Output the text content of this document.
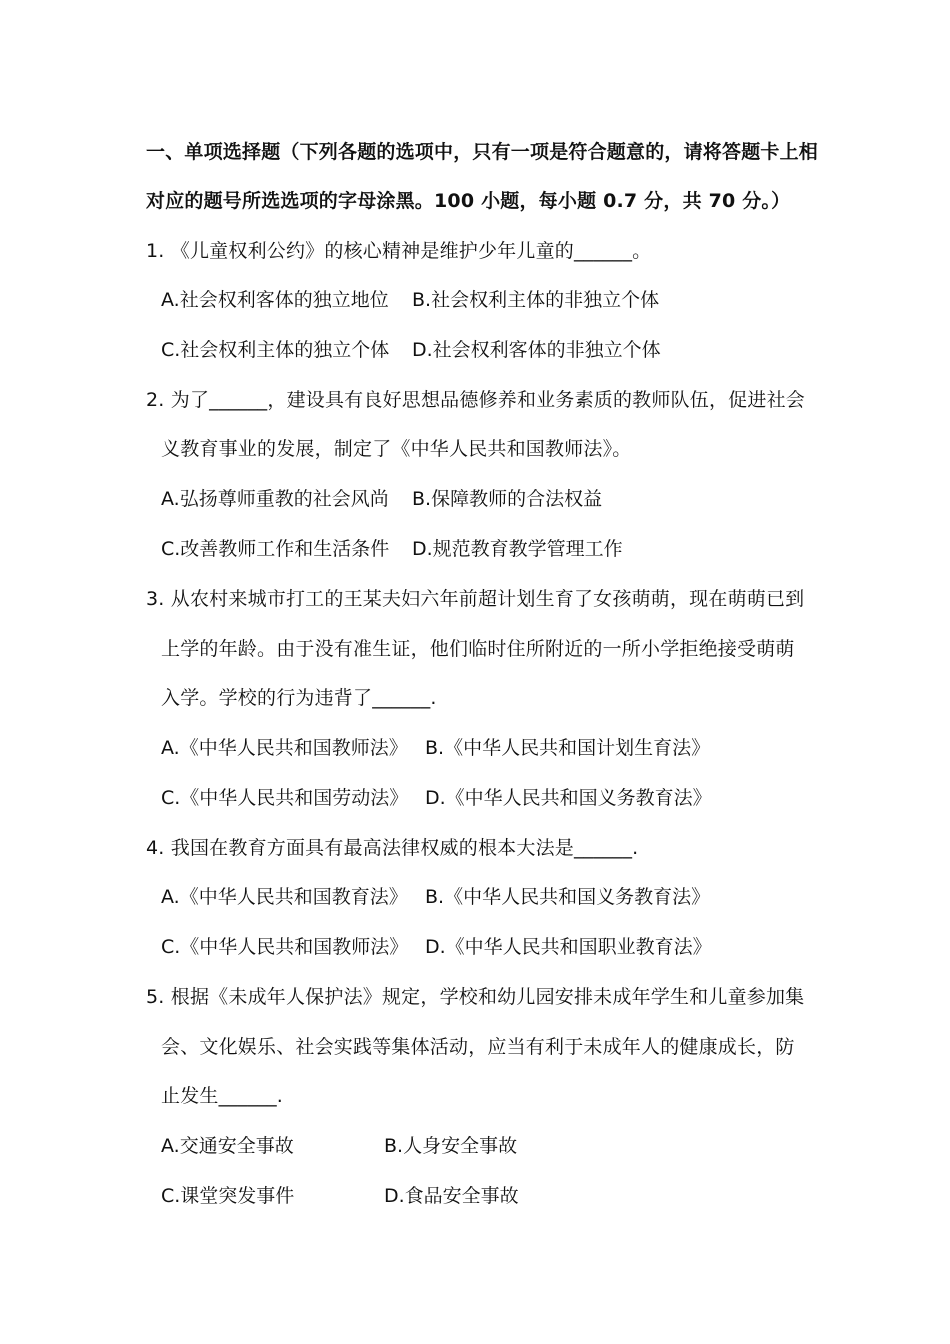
一、单项选择题（下列各题的选项中，只有一项是符合题意的，请将答题卡上相
对应的题号所选选项的字母涂黑。100 小题，每小题 0.7 分，共 70 分。）
1. 《儿童权利公约》的核心精神是维护少年儿童的______。
A.社会权利客体的独立地位 B.社会权利主体的非独立个体
C.社会权利主体的独立个体 D.社会权利客体的非独立个体
2. 为了______，建设具有良好思想品德修养和业务素质的教师队伍，促进社会
义教育事业的发展，制定了《中华人民共和国教师法》。
A.弘扬尊师重教的社会风尚 B.保障教师的合法权益
C.改善教师工作和生活条件 D.规范教育教学管理工作
3. 从农村来城市打工的王某夫妇六年前超计划生育了女孩萌萌，现在萌萌已到
上学的年龄。由于没有准生证，他们临时住所附近的一所小学拒绝接受萌萌
入学。学校的行为违背了______.
A.《中华人民共和国教师法》 B.《中华人民共和国计划生育法》
C.《中华人民共和国劳动法》 D.《中华人民共和国义务教育法》
4. 我国在教育方面具有最高法律权威的根本大法是______.
A.《中华人民共和国教育法》 B.《中华人民共和国义务教育法》
C.《中华人民共和国教师法》 D.《中华人民共和国职业教育法》
5. 根据《未成年人保护法》规定，学校和幼儿园安排未成年学生和儿童参加集
会、文化娱乐、社会实践等集体活动，应当有利于未成年人的健康成长，防
止发生______.
A.交通安全事故	B.人身安全事故
C.课堂突发事件	D.食品安全事故
